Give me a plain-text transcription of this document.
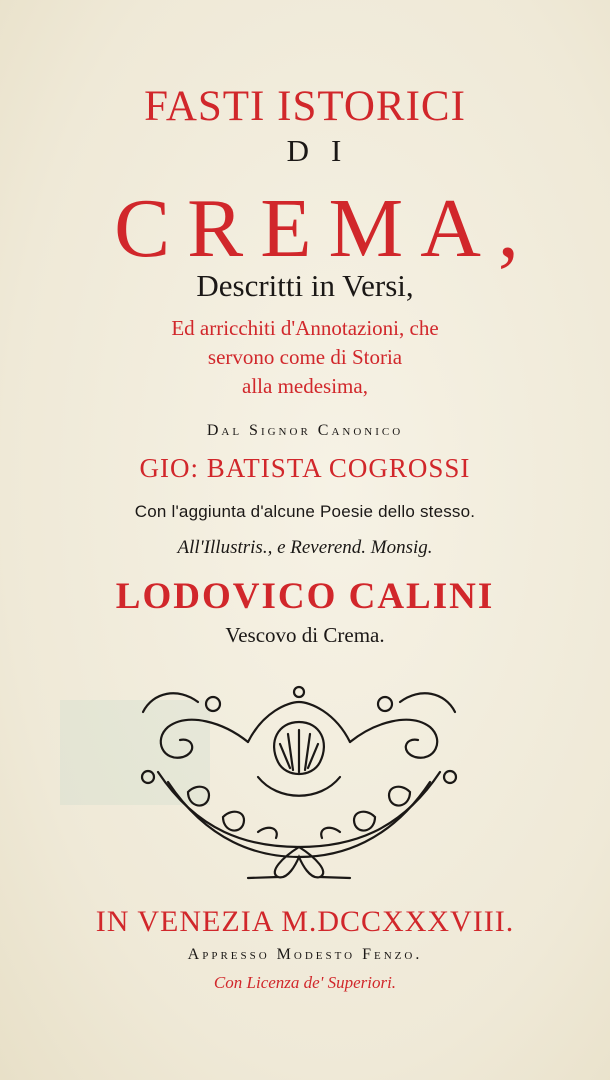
FASTI ISTORICI
DI
CREMA,
Descritti in Versi,
Ed arricchiti d'Annotazioni, che
servono come di Storia
alla medesima,
Dal Signor Canonico
GIO: BATISTA COGROSSI
Con l'aggiunta d'alcune Poesie dello stesso.
All'Illustris., e Reverend. Monsig.
LODOVICO CALINI
Vescovo di Crema.
IN VENEZIA M.DCCXXXVIII.
Appresso Modesto Fenzo.
Con Licenza de' Superiori.
